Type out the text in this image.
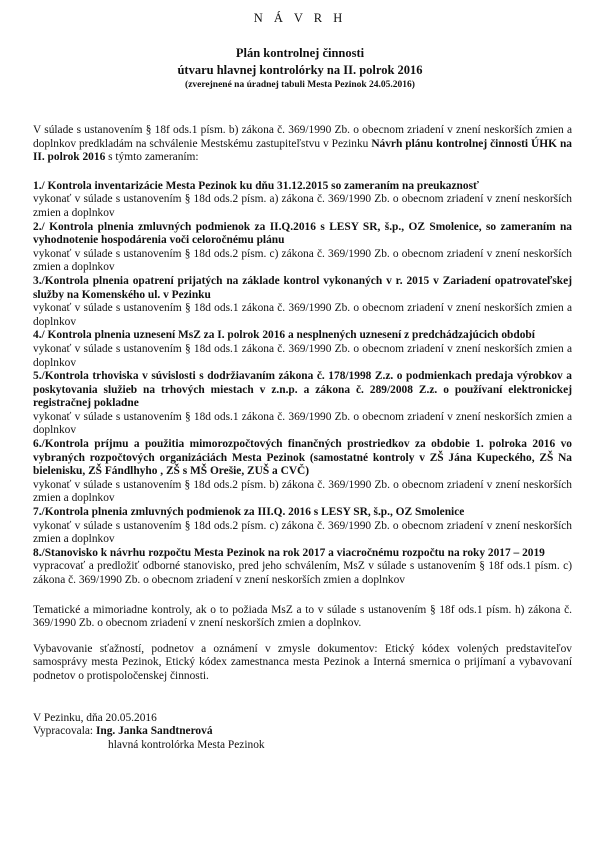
N Á V R H
Plán kontrolnej činnosti
útvaru hlavnej kontrolórky na II. polrok 2016
(zverejnené na úradnej tabuli Mesta Pezinok 24.05.2016)

V súlade s ustanovením § 18f ods.1 písm. b) zákona č. 369/1990 Zb. o obecnom zriadení v znení neskorších zmien a doplnkov predkladám na schválenie Mestskému zastupiteľstvu v Pezinku Návrh plánu kontrolnej činnosti ÚHK na II. polrok 2016 s týmto zameraním:

1./ Kontrola inventarizácie Mesta Pezinok ku dňu 31.12.2015 so zameraním na preukaznosť
vykonať v súlade s ustanovením § 18d ods.2 písm. a) zákona č. 369/1990 Zb. o obecnom zriadení v znení neskorších zmien a doplnkov
2./ Kontrola plnenia zmluvných podmienok za II.Q.2016 s LESY SR, š.p., OZ Smolenice, so zameraním na vyhodnotenie hospodárenia voči celoročnému plánu
vykonať v súlade s ustanovením § 18d ods.2 písm. c) zákona č. 369/1990 Zb. o obecnom zriadení v znení neskorších zmien a doplnkov
3./Kontrola plnenia opatrení prijatých na základe kontrol vykonaných v r. 2015 v Zariadení opatrovateľskej služby na Komenského ul. v Pezinku
vykonať v súlade s ustanovením § 18d ods.1 zákona č. 369/1990 Zb. o obecnom zriadení v znení neskorších zmien a doplnkov
4./ Kontrola plnenia uznesení MsZ za I. polrok 2016 a nesplnených uznesení z predchádzajúcich období
vykonať v súlade s ustanovením § 18d ods.1 zákona č. 369/1990 Zb. o obecnom zriadení v znení neskorších zmien a doplnkov
5./Kontrola trhoviska v súvislosti s dodržiavaním zákona č. 178/1998 Z.z. o podmienkach predaja výrobkov a poskytovania služieb na trhových miestach v z.n.p. a zákona č. 289/2008 Z.z. o používaní elektronickej registračnej pokladne
vykonať v súlade s ustanovením § 18d ods.1 zákona č. 369/1990 Zb. o obecnom zriadení v znení neskorších zmien a doplnkov
6./Kontrola príjmu a použitia mimorozpočtových finančných prostriedkov za obdobie 1. polroka 2016 vo vybraných rozpočtových organizáciách Mesta Pezinok (samostatné kontroly v ZŠ Jána Kupeckého, ZŠ Na bielenisku, ZŠ Fándlhyho , ZŠ s MŠ Orešie, ZUŠ a CVČ)
vykonať v súlade s ustanovením § 18d ods.2 písm. b) zákona č. 369/1990 Zb. o obecnom zriadení v znení neskorších zmien a doplnkov
7./Kontrola plnenia zmluvných podmienok za III.Q. 2016 s LESY SR, š.p., OZ Smolenice
vykonať v súlade s ustanovením § 18d ods.2 písm. c) zákona č. 369/1990 Zb. o obecnom zriadení v znení neskorších zmien a doplnkov
8./Stanovisko k návrhu rozpočtu Mesta Pezinok na rok 2017 a viacročnému rozpočtu na roky 2017 – 2019
vypracovať a predložiť odborné stanovisko, pred jeho schválením, MsZ v súlade s ustanovením § 18f ods.1 písm. c) zákona č. 369/1990 Zb. o obecnom zriadení v znení neskorších zmien a doplnkov

Tematické a mimoriadne kontroly, ak o to požiada MsZ a to v súlade s ustanovením § 18f ods.1 písm. h) zákona č. 369/1990 Zb. o obecnom zriadení v znení neskorších zmien a doplnkov.

Vybavovanie sťažností, podnetov a oznámení v zmysle dokumentov: Etický kódex volených predstaviteľov samosprávy mesta Pezinok, Etický kódex zamestnanca mesta Pezinok a Interná smernica o prijímaní a vybavovaní podnetov o protispoločenskej činnosti.

V Pezinku, dňa 20.05.2016
Vypracovala: Ing. Janka Sandtnerová
hlavná kontrolórka Mesta Pezinok
